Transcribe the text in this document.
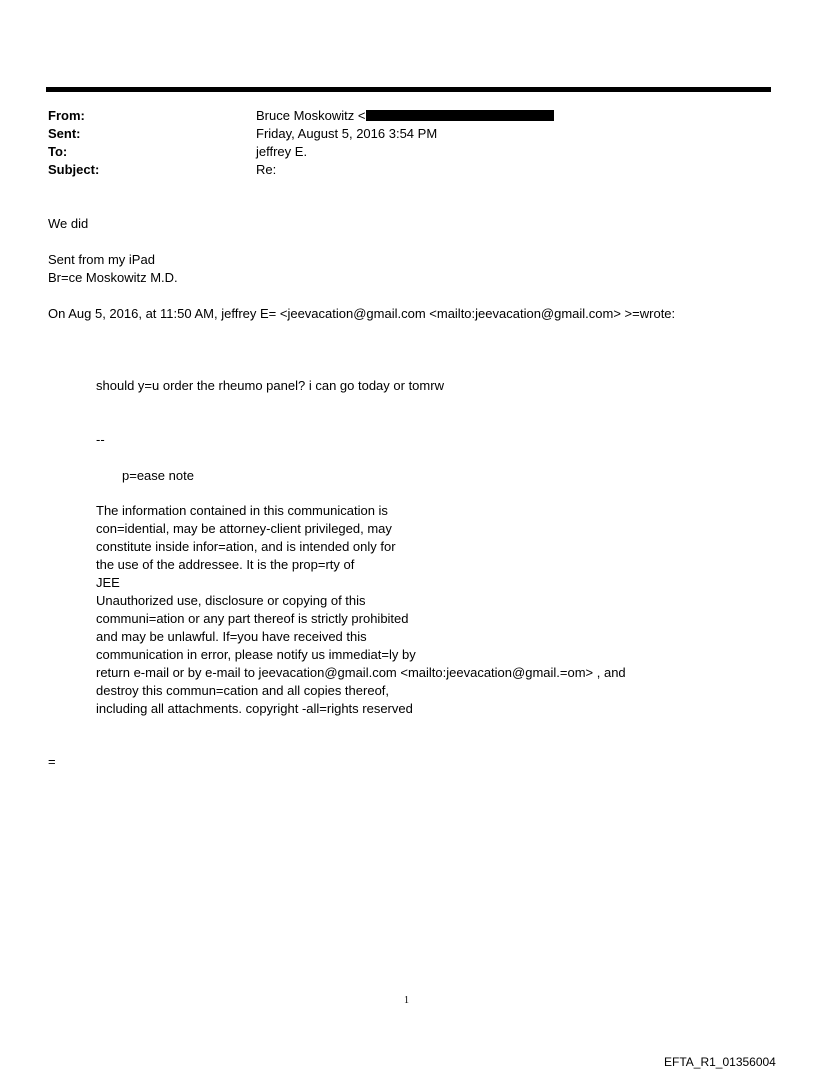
From:	Bruce Moskowitz <
Sent:	Friday, August 5, 2016 3:54 PM
To:	jeffrey E.
Subject:	Re:
We did
Sent from my iPad
Br=ce Moskowitz M.D.
On Aug 5, 2016, at 11:50 AM, jeffrey E= <jeevacation@gmail.com <mailto:jeevacation@gmail.com> >=wrote:
should y=u order the rheumo panel? i can go today or tomrw
--
p=ease note
The information contained in this communication is
con=idential, may be attorney-client privileged, may
constitute inside infor=ation, and is intended only for
the use of the addressee. It is the prop=rty of
JEE
Unauthorized use, disclosure or copying of this
communi=ation or any part thereof is strictly prohibited
and may be unlawful. If=you have received this
communication in error, please notify us immediat=ly by
return e-mail or by e-mail to jeevacation@gmail.com <mailto:jeevacation@gmail.=om> , and
destroy this commun=cation and all copies thereof,
including all attachments. copyright -all=rights reserved
=
1
EFTA_R1_01356004
